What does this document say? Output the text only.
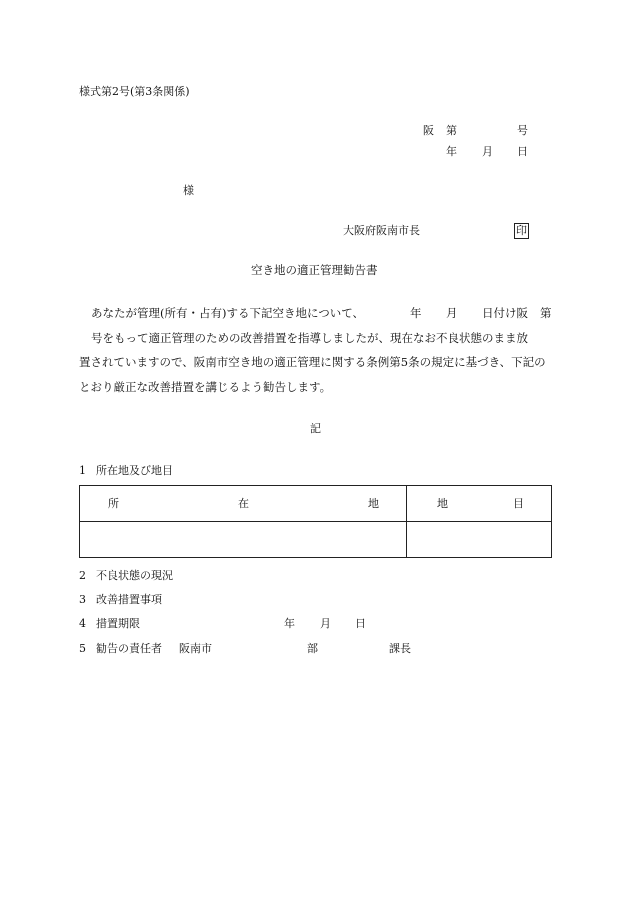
様式第2号(第3条関係)
阪 第	号
年 月 日
様
大阪府阪南市長	印
空き地の適正管理勧告書
あなたが管理(所有・占有)する下記空き地について、	年 月 日付け阪 第
号をもって適正管理のための改善措置を指導しましたが、現在なお不良状態のまま放
置されていますので、阪南市空き地の適正管理に関する条例第5条の規定に基づき、下記の
とおり厳正な改善措置を講じるよう勧告します。
記
1 所在地及び地目
所 在 地	地 目

2 不良状態の現況
3 改善措置事項
4 措置期限	年 月 日
5 勧告の責任者 阪南市	部	課長
